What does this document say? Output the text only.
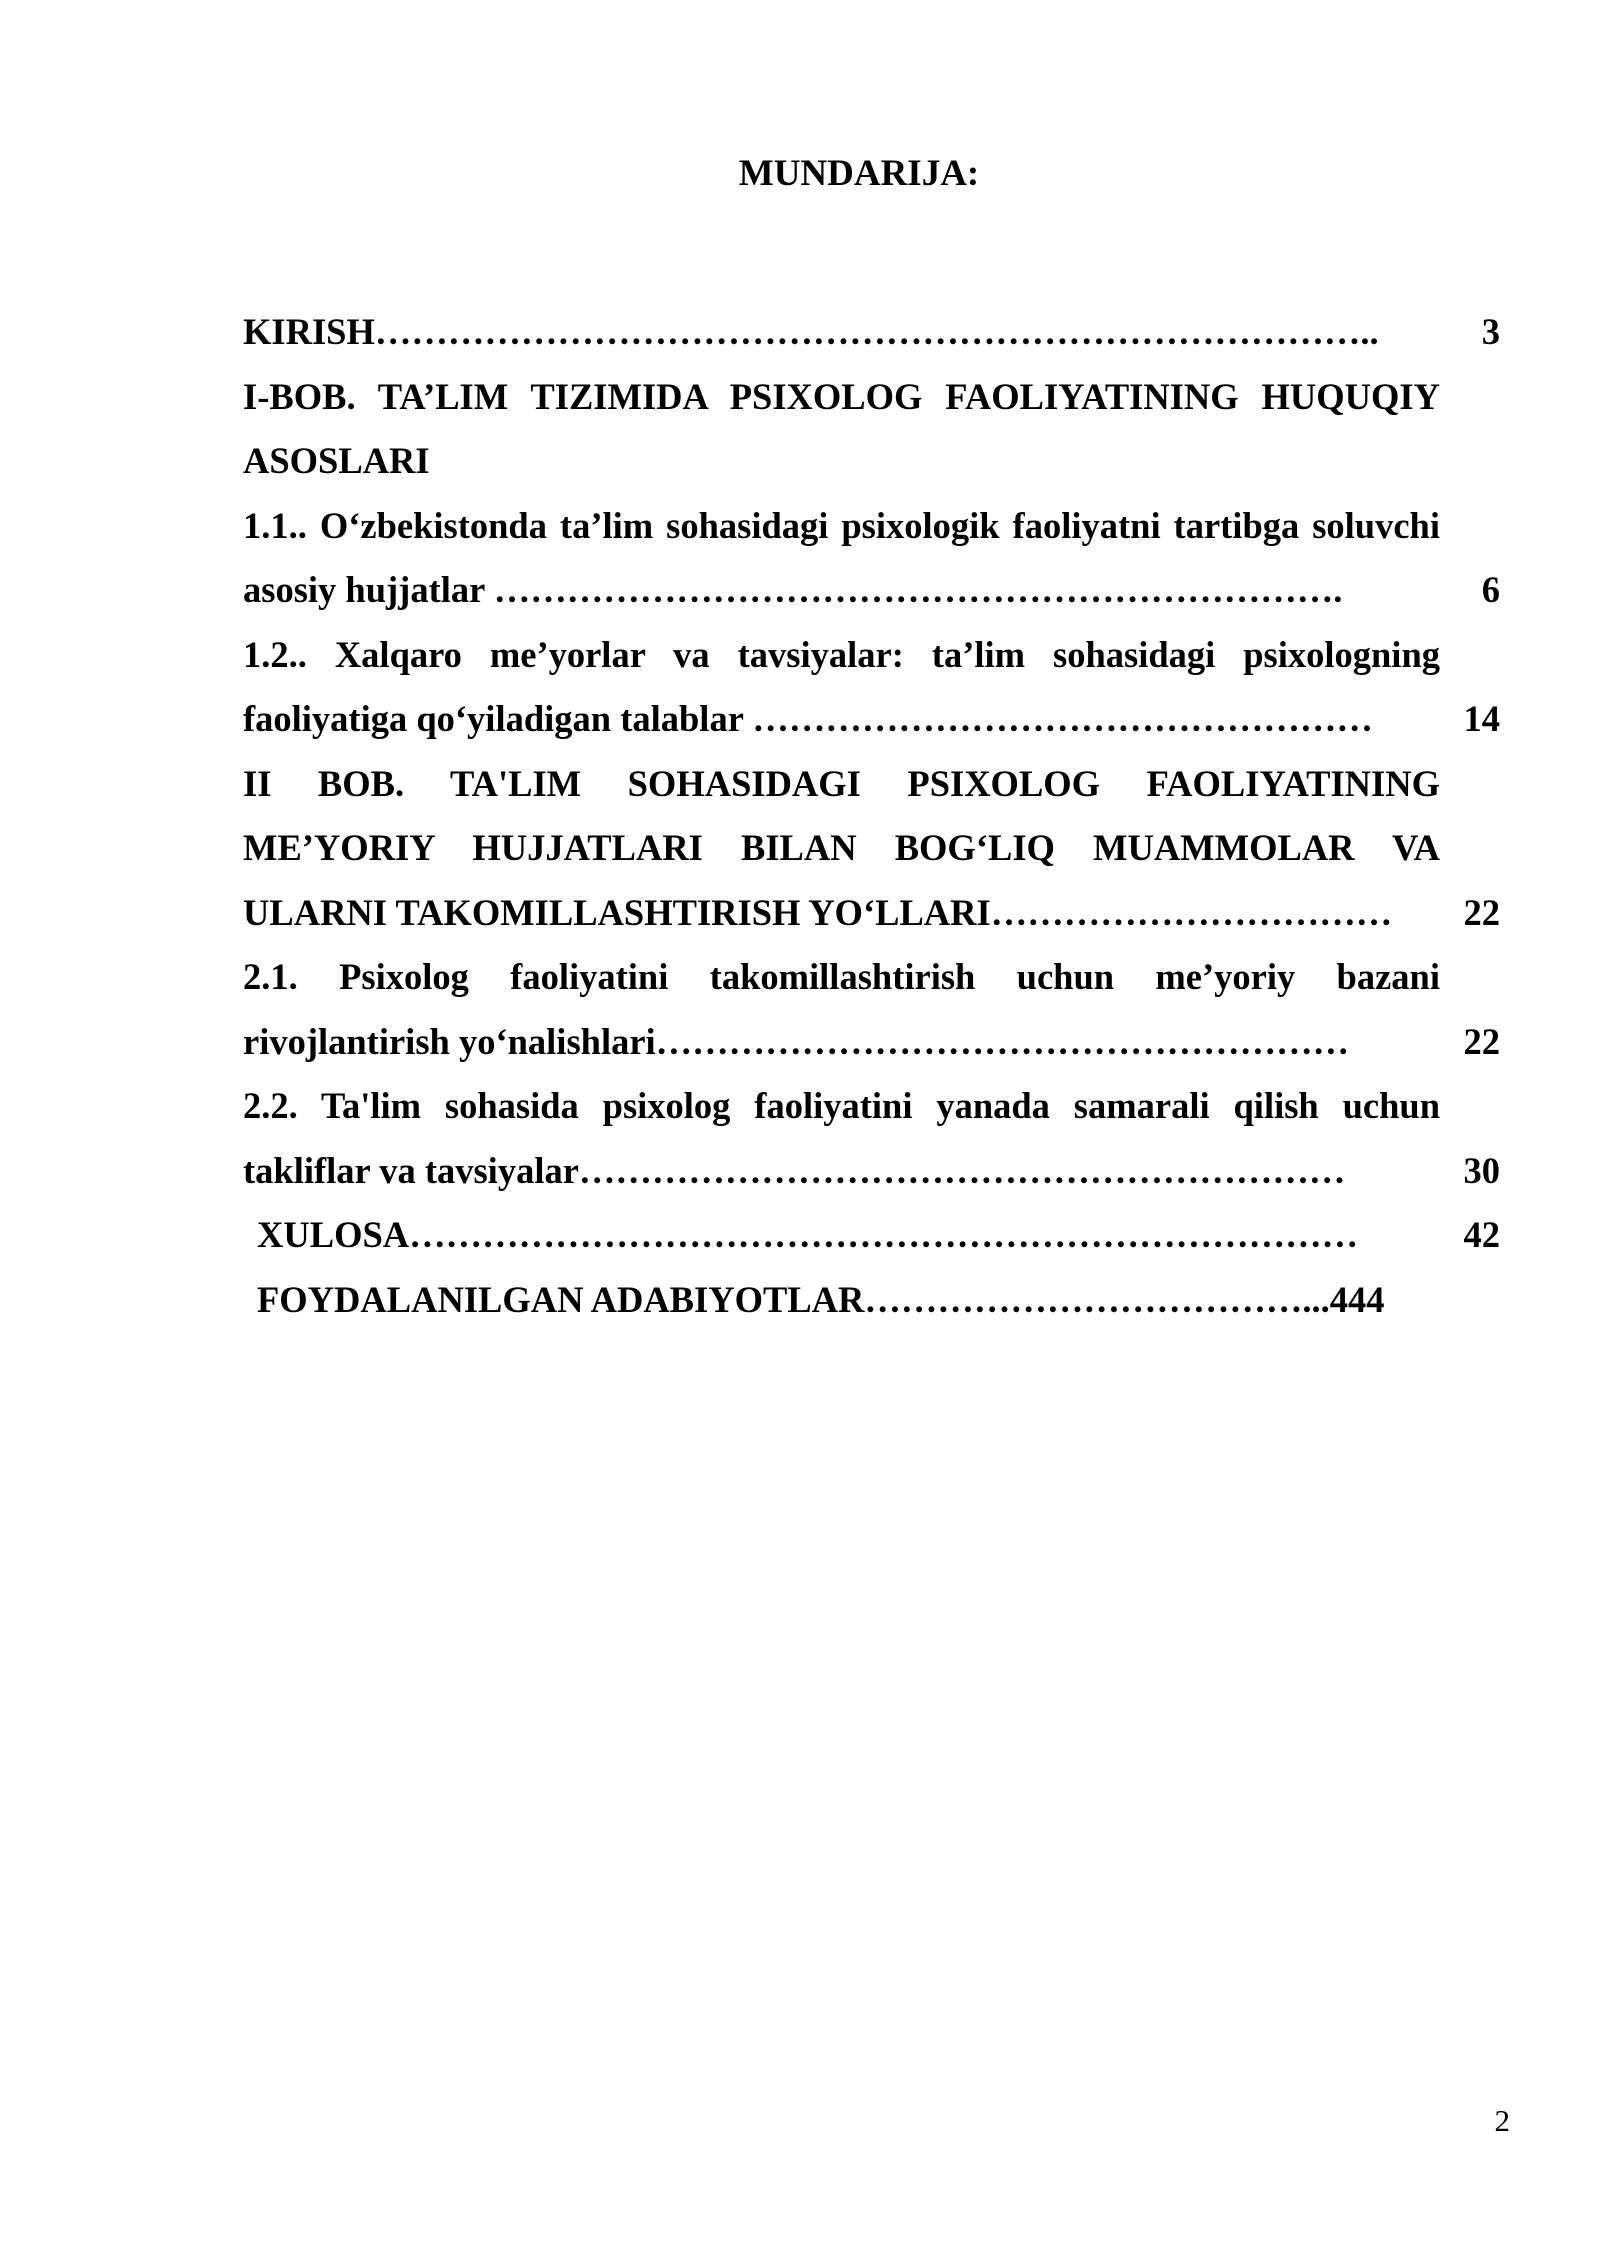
MUNDARIJA:
KIRISH………………………………………………………………………..	3
I-BOB. TA’LIM TIZIMIDA PSIXOLOG FAOLIYATINING HUQUQIY
ASOSLARI
1.1.. O‘zbekistonda ta’lim sohasidagi psixologik faoliyatni tartibga soluvchi
asosiy hujjatlar …………………………………………………………….	6
1.2.. Xalqaro me’yorlar va tavsiyalar: ta’lim sohasidagi psixologning
faoliyatiga qo‘yiladigan talablar ……………………………………………	14
II BOB. TA'LIM SOHASIDAGI PSIXOLOG FAOLIYATINING
ME’YORIY HUJJATLARI BILAN BOG‘LIQ MUAMMOLAR VA
ULARNI TAKOMILLASHTIRISH YO‘LLARI……………………………	22
2.1. Psixolog faoliyatini takomillashtirish uchun me’yoriy bazani
rivojlantirish yo‘nalishlari…………………………………………………	22
2.2. Ta'lim sohasida psixolog faoliyatini yanada samarali qilish uchun
takliflar va tavsiyalar………………………………………………………	30
XULOSA……………………………………………………………………	42
FOYDALANILGAN ADABIYOTLAR………………………………...444
2
